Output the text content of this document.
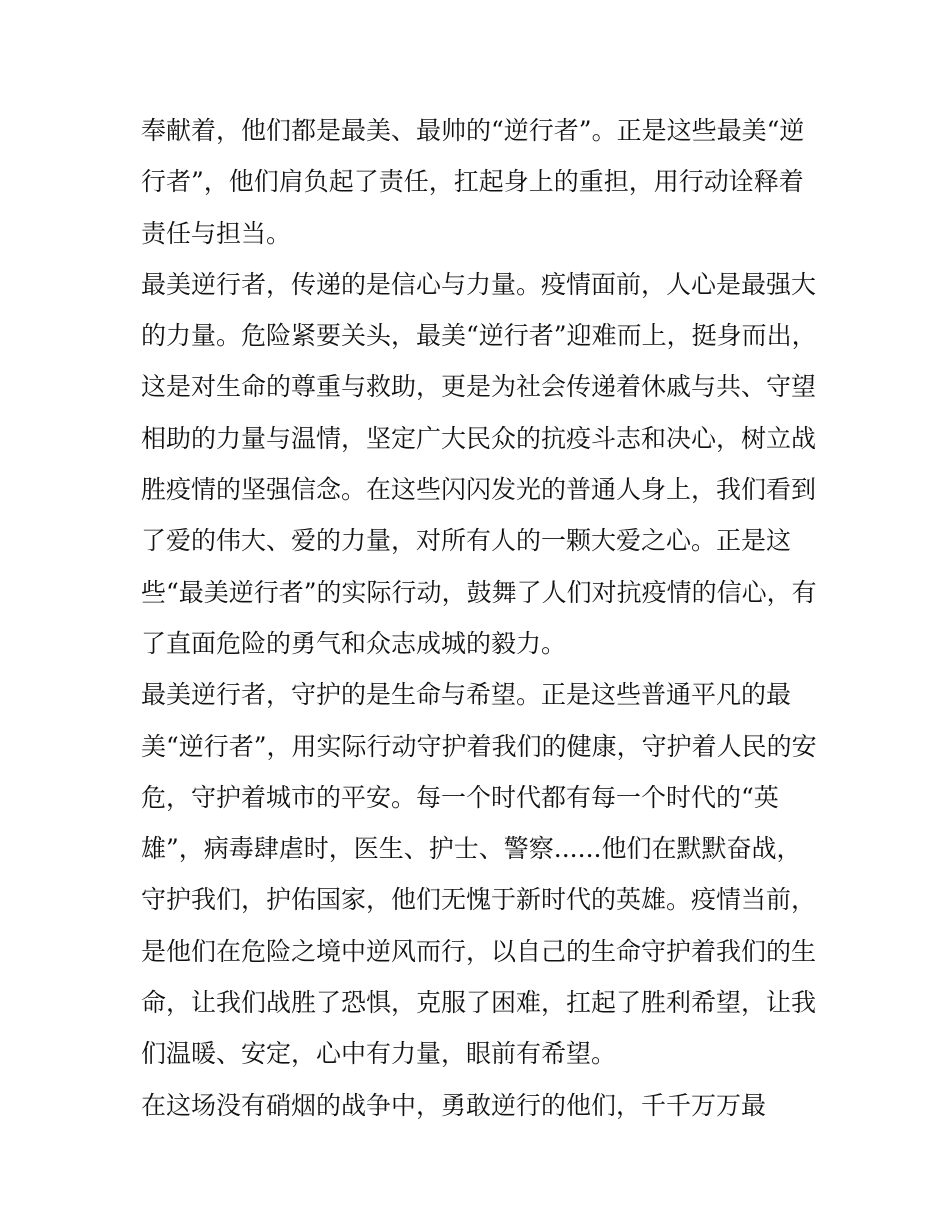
奉献着，他们都是最美、最帅的“逆行者”。正是这些最美“逆
行者”，他们肩负起了责任，扛起身上的重担，用行动诠释着
责任与担当。
最美逆行者，传递的是信心与力量。疫情面前，人心是最强大
的力量。危险紧要关头，最美“逆行者”迎难而上，挺身而出，
这是对生命的尊重与救助，更是为社会传递着休戚与共、守望
相助的力量与温情，坚定广大民众的抗疫斗志和决心，树立战
胜疫情的坚强信念。在这些闪闪发光的普通人身上，我们看到
了爱的伟大、爱的力量，对所有人的一颗大爱之心。正是这
些“最美逆行者”的实际行动，鼓舞了人们对抗疫情的信心，有
了直面危险的勇气和众志成城的毅力。
最美逆行者，守护的是生命与希望。正是这些普通平凡的最
美“逆行者”，用实际行动守护着我们的健康，守护着人民的安
危，守护着城市的平安。每一个时代都有每一个时代的“英
雄”，病毒肆虐时，医生、护士、警察......他们在默默奋战，
守护我们，护佑国家，他们无愧于新时代的英雄。疫情当前，
是他们在危险之境中逆风而行，以自己的生命守护着我们的生
命，让我们战胜了恐惧，克服了困难，扛起了胜利希望，让我
们温暖、安定，心中有力量，眼前有希望。
在这场没有硝烟的战争中，勇敢逆行的他们，千千万万最
